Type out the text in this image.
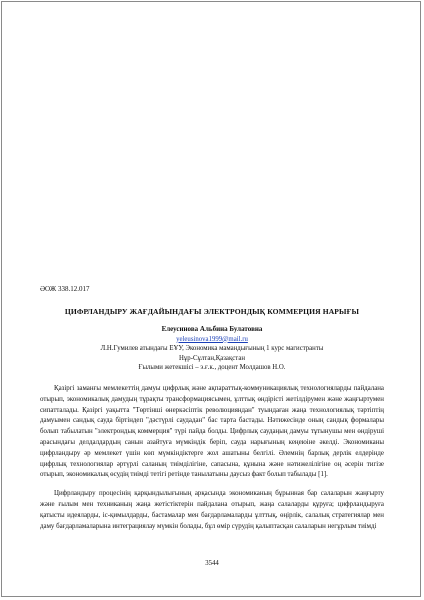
ӘОЖ 338.12.017
ЦИФРЛАНДЫРУ ЖАҒДАЙЫНДАҒЫ ЭЛЕКТРОНДЫҚ КОММЕРЦИЯ НАРЫҒЫ
Елеусинова Альбина Булатовна
yeleusinova1999@mail.ru
Л.Н.Гумилев атындағы ЕҰУ, Экономика мамандығының 1 курс магистранты
Нұр-Сұлтан,Қазақстан
Ғылыми жетекшісі – э.ғ.к., доцент Молдашов Н.О.

Қазіргі заманғы мемлекеттің дамуы цифрлық және ақпараттық-коммуникациялық технологияларды пайдалана отырып, экономикалық дамудың тұрақты трансформациясымен, ұлттық өндірісті жетілдірумен және жаңғыртумен сипатталады. Қазіргі уақытта "Төртінші өнеркәсіптік революцияндан" туындаған жаңа технологиялық тәртіптің дамуымен сандық сауда біртіндеп "дәстүрлі саудадан" бас тарта бастады. Нәтижесінде оның сандық формалары болып табылатын "электрондық коммерция" түрі пайда болды. Цифрлық саудаңың дамуы тұтынушы мен өндіруші арасындағы делдалдардың санын азайтуға мүмкіндік беріп, сауда нарығының кеңеюіне әкелді. Экономиканы цифрландыру әр мемлекет үшін көп мүмкіндіктерге жол ашатыны белгілі. Әлемнің барлық дерлік елдерінде цифрлық технологиялар әртүрлі саланың тиімділігіне, сапасына, құнына және нәтижелілігіне оң әсерін тигізе отырып, экономикалық өсудің тиімді тетігі ретінде танылатыны даусыз факт болып табылады [1].

Цифрландыру процесінің қарқындылығының арқасында экономиканың бұрынная бар салаларын жаңғырту және ғылым мен техниканың жаңа жетістіктерін пайдалана отырып, жаңа салаларды құруға; цифрландыруға қатысты идеяларды, іс-қимылдарды, бастамалар мен бағдарламаларды ұлттық, өңірлік, салалық стратегиялар мен даму бағдарламаларына интеграциялау мүмкін болады, бұл өмір сүрудің қалыптасқан салаларын негұрлым тиімді

3544
